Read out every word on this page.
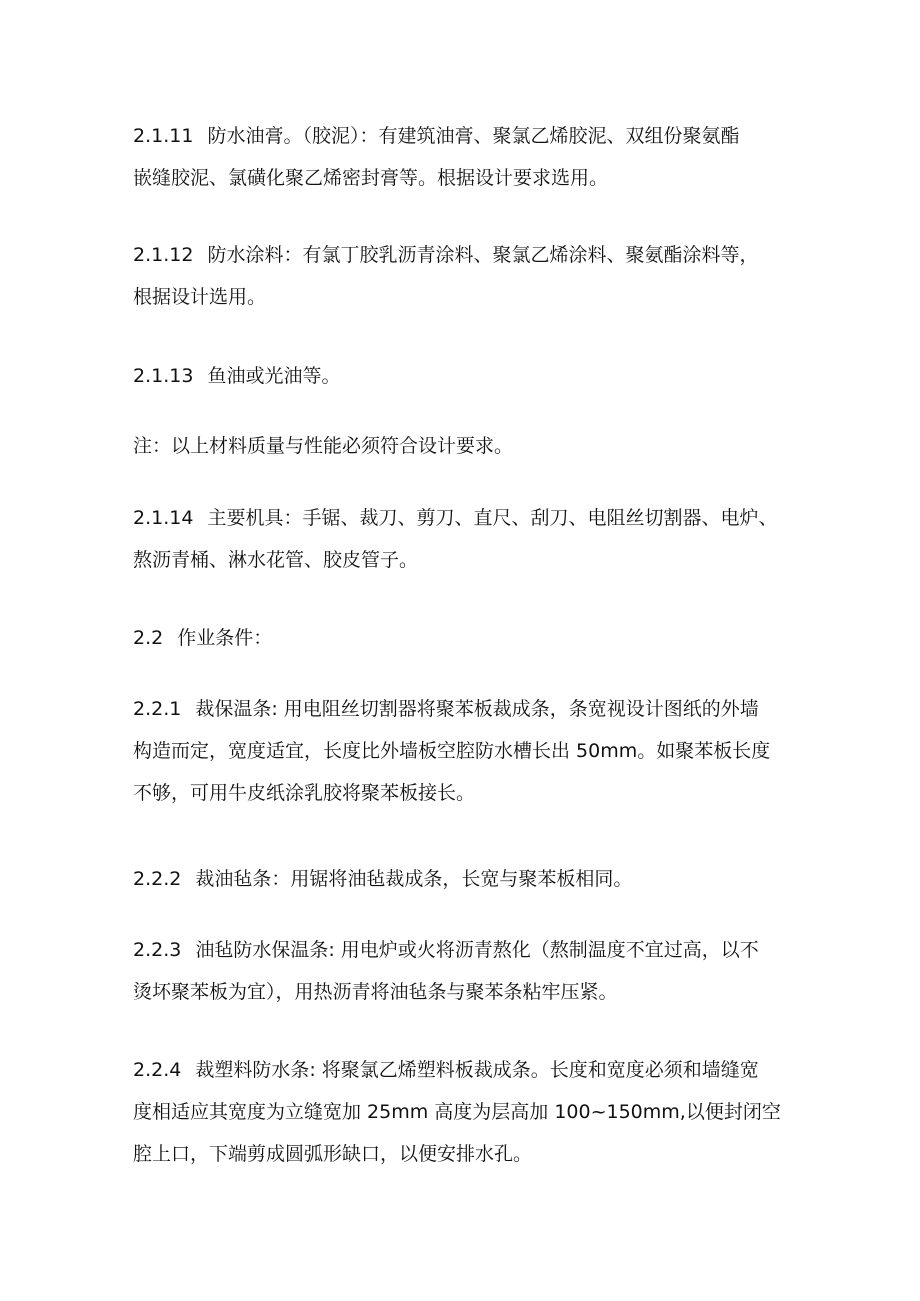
2.1.11 防水油膏。（胶泥）：有建筑油膏、聚氯乙烯胶泥、双组份聚氨酯
嵌缝胶泥、氯磺化聚乙烯密封膏等。根据设计要求选用。

2.1.12 防水涂料：有氯丁胶乳沥青涂料、聚氯乙烯涂料、聚氨酯涂料等，
根据设计选用。

2.1.13 鱼油或光油等。

注：以上材料质量与性能必须符合设计要求。

2.1.14 主要机具：手锯、裁刀、剪刀、直尺、刮刀、电阻丝切割器、电炉、
熬沥青桶、淋水花管、胶皮管子。

2.2 作业条件：

2.2.1 裁保温条: 用电阻丝切割器将聚苯板裁成条，条宽视设计图纸的外墙
构造而定，宽度适宜，长度比外墙板空腔防水槽长出 50mm。如聚苯板长度
不够，可用牛皮纸涂乳胶将聚苯板接长。

2.2.2 裁油毡条：用锯将油毡裁成条，长宽与聚苯板相同。

2.2.3 油毡防水保温条: 用电炉或火将沥青熬化（熬制温度不宜过高，以不
烫坏聚苯板为宜），用热沥青将油毡条与聚苯条粘牢压紧。

2.2.4 裁塑料防水条: 将聚氯乙烯塑料板裁成条。长度和宽度必须和墙缝宽
度相适应其宽度为立缝宽加 25mm 高度为层高加 100~150mm,以便封闭空
腔上口，下端剪成圆弧形缺口，以便安排水孔。
